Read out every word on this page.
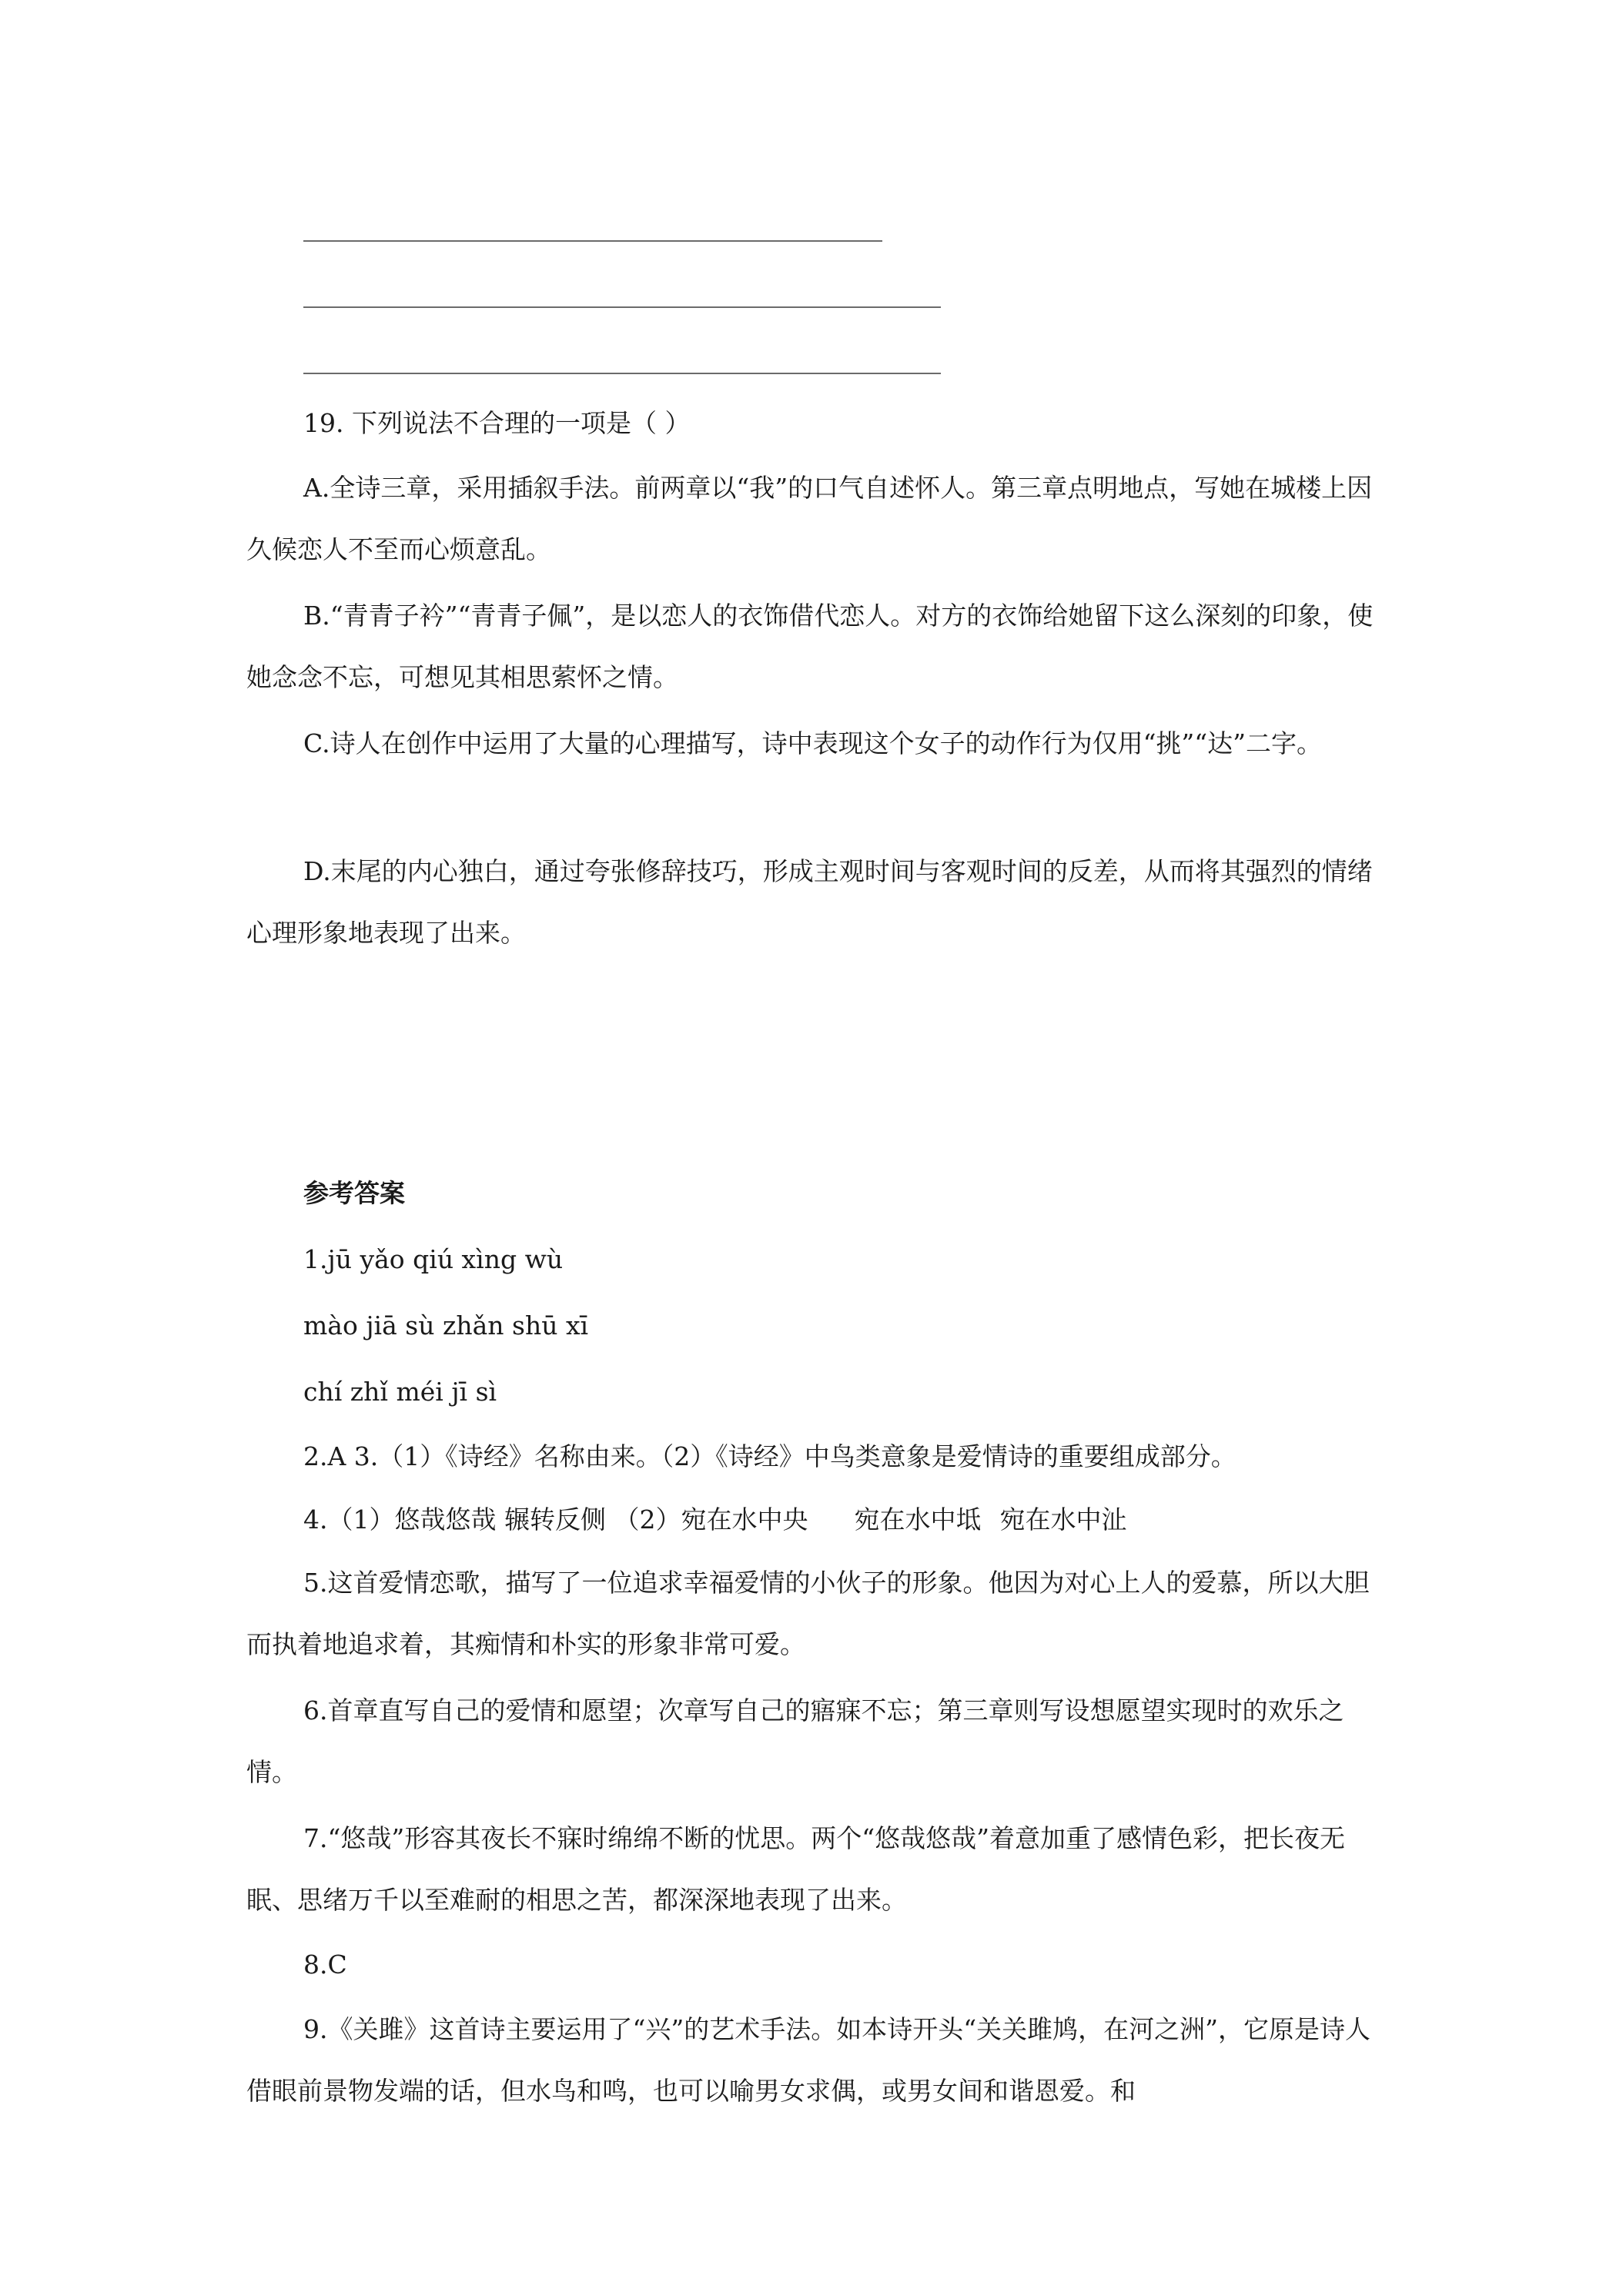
19. 下列说法不合理的一项是（ ）

A.全诗三章，采用插叙手法。前两章以“我”的口气自述怀人。第三章点明地点，写她在城楼上因久候恋人不至而心烦意乱。

B.“青青子衿”“青青子佩”，是以恋人的衣饰借代恋人。对方的衣饰给她留下这么深刻的印象，使她念念不忘，可想见其相思萦怀之情。

C.诗人在创作中运用了大量的心理描写，诗中表现这个女子的动作行为仅用“挑”“达”二字。

D.末尾的内心独白，通过夸张修辞技巧，形成主观时间与客观时间的反差，从而将其强烈的情绪心理形象地表现了出来。

参考答案

1.jū yǎo qiú xìng wù

mào jiā sù zhǎn shū xī

chí zhǐ méi jī sì

2.A 3.（1）《诗经》名称由来。（2）《诗经》中鸟类意象是爱情诗的重要组成部分。

4.（1）悠哉悠哉 辗转反侧 （2）宛在水中央 宛在水中坻 宛在水中沚

5.这首爱情恋歌，描写了一位追求幸福爱情的小伙子的形象。他因为对心上人的爱慕，所以大胆而执着地追求着，其痴情和朴实的形象非常可爱。

6.首章直写自己的爱情和愿望；次章写自己的寤寐不忘；第三章则写设想愿望实现时的欢乐之情。

7.“悠哉”形容其夜长不寐时绵绵不断的忧思。两个“悠哉悠哉”着意加重了感情色彩，把长夜无眠、思绪万千以至难耐的相思之苦，都深深地表现了出来。

8.C

9.《关雎》这首诗主要运用了“兴”的艺术手法。如本诗开头“关关雎鸠，在河之洲”，它原是诗人借眼前景物发端的话，但水鸟和鸣，也可以喻男女求偶，或男女间和谐恩爱。和
